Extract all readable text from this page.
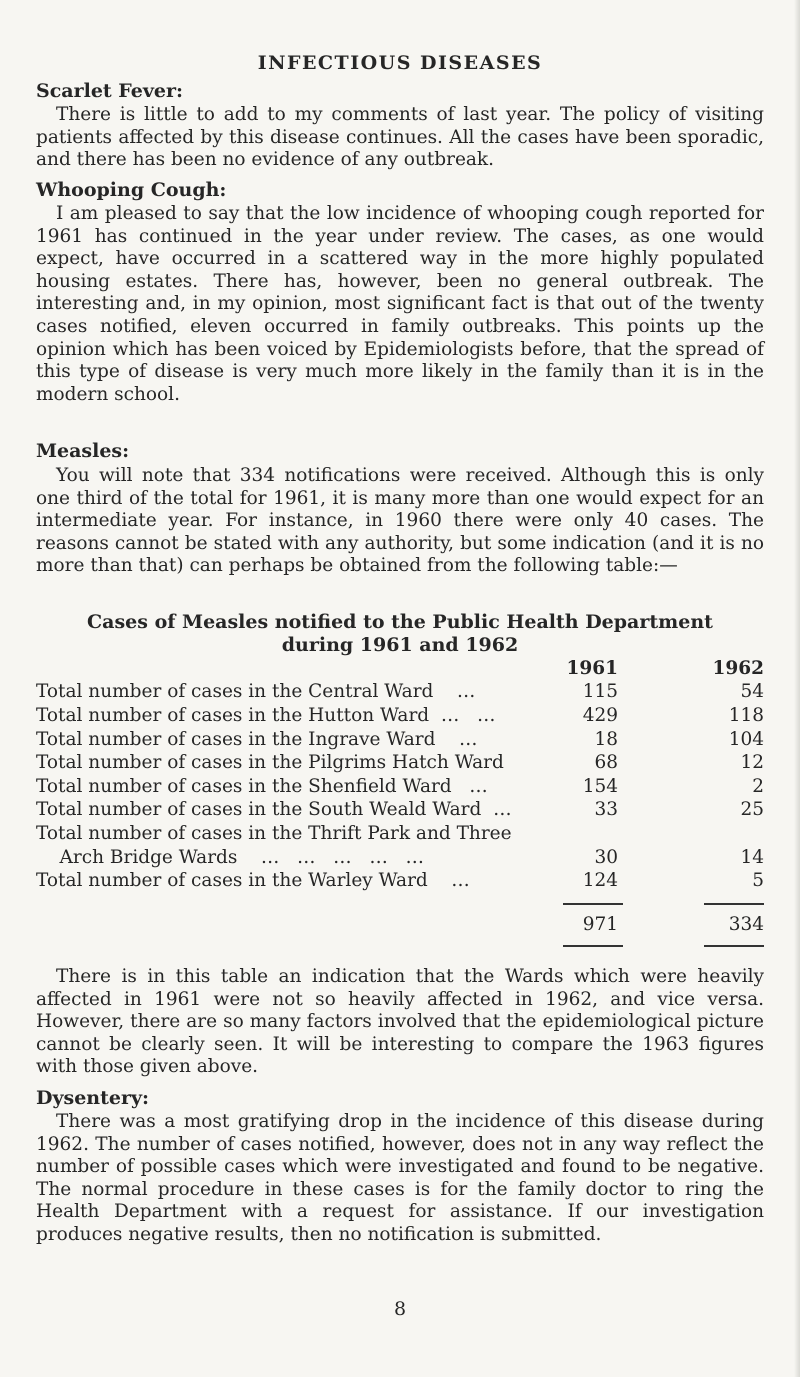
INFECTIOUS DISEASES
Scarlet Fever:

There is little to add to my comments of last year. The policy of visiting patients affected by this disease continues. All the cases have been sporadic, and there has been no evidence of any outbreak.

Whooping Cough:

I am pleased to say that the low incidence of whooping cough reported for 1961 has continued in the year under review. The cases, as one would expect, have occurred in a scattered way in the more highly populated housing estates. There has, however, been no general outbreak. The interesting and, in my opinion, most significant fact is that out of the twenty cases notified, eleven occurred in family outbreaks. This points up the opinion which has been voiced by Epidemiologists before, that the spread of this type of disease is very much more likely in the family than it is in the modern school.

Measles:

You will note that 334 notifications were received. Although this is only one third of the total for 1961, it is many more than one would expect for an intermediate year. For instance, in 1960 there were only 40 cases. The reasons cannot be stated with any authority, but some indication (and it is no more than that) can perhaps be obtained from the following table:—

Cases of Measles notified to the Public Health Department
during 1961 and 1962
1961	1962
Total number of cases in the Central Ward    …	115	54
Total number of cases in the Hutton Ward  …   …	429	118
Total number of cases in the Ingrave Ward    …	18	104
Total number of cases in the Pilgrims Hatch Ward	68	12
Total number of cases in the Shenfield Ward   …	154	2
Total number of cases in the South Weald Ward  …	33	25
Total number of cases in the Thrift Park and Three
Arch Bridge Wards    …   …   …   …   …	30	14
Total number of cases in the Warley Ward    …	124	5
971	334

There is in this table an indication that the Wards which were heavily affected in 1961 were not so heavily affected in 1962, and vice versa. However, there are so many factors involved that the epidemiological picture cannot be clearly seen. It will be interesting to compare the 1963 figures with those given above.

Dysentery:

There was a most gratifying drop in the incidence of this disease during 1962. The number of cases notified, however, does not in any way reflect the number of possible cases which were investigated and found to be negative. The normal procedure in these cases is for the family doctor to ring the Health Department with a request for assistance. If our investigation produces negative results, then no notification is submitted.

8
